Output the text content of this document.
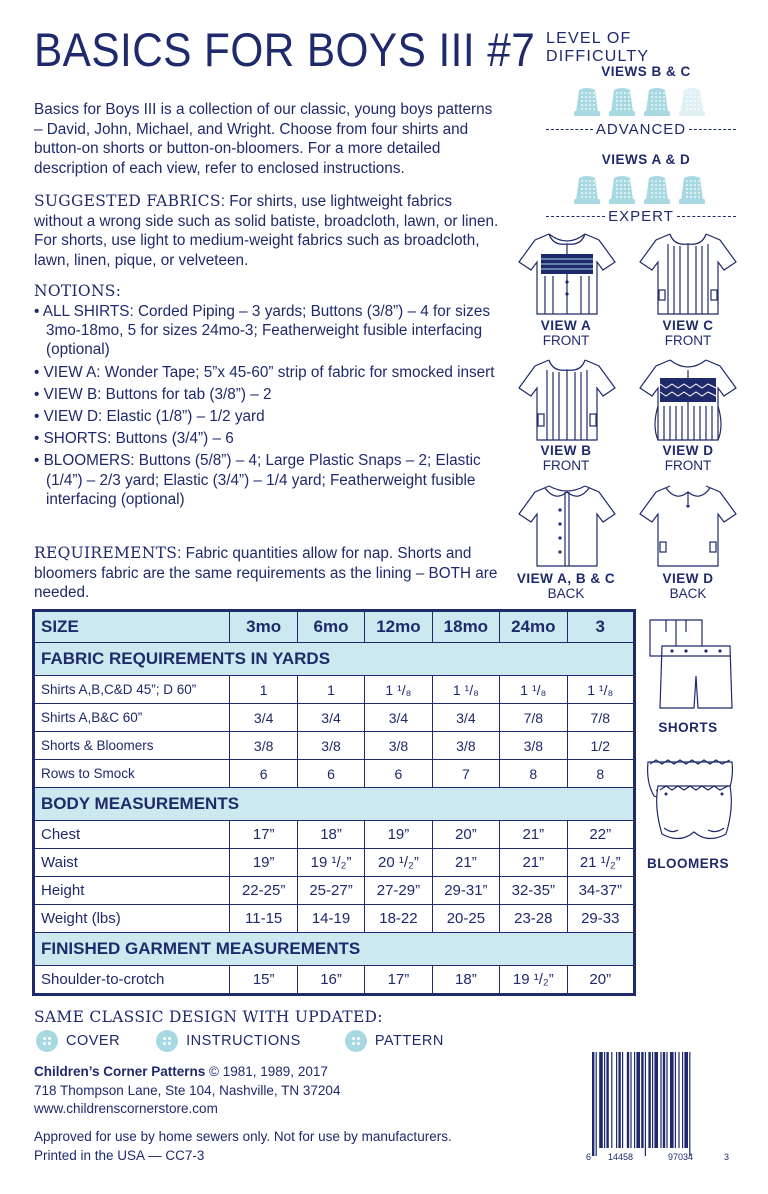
BASICS FOR BOYS III #7

Basics for Boys III is a collection of our classic, young boys patterns – David, John, Michael, and Wright. Choose from four shirts and button-on shorts or button-on-bloomers. For a more detailed description of each view, refer to enclosed instructions.

SUGGESTED FABRICS: For shirts, use lightweight fabrics without a wrong side such as solid batiste, broadcloth, lawn, or linen. For shorts, use light to medium-weight fabrics such as broadcloth, lawn, linen, pique, or velveteen.

NOTIONS:
• ALL SHIRTS: Corded Piping – 3 yards; Buttons (3/8”) – 4 for sizes 3mo-18mo, 5 for sizes 24mo-3; Featherweight fusible interfacing (optional)
• VIEW A: Wonder Tape; 5”x 45-60” strip of fabric for smocked insert
• VIEW B: Buttons for tab (3/8”) – 2
• VIEW D: Elastic (1/8”) – 1/2 yard
• SHORTS: Buttons (3/4”) – 6
• BLOOMERS: Buttons (5/8”) – 4; Large Plastic Snaps – 2; Elastic (1/4”) – 2/3 yard; Elastic (3/4”) – 1/4 yard; Featherweight fusible interfacing (optional)

REQUIREMENTS: Fabric quantities allow for nap. Shorts and bloomers fabric are the same requirements as the lining – BOTH are needed.

LEVEL OF DIFFICULTY
VIEWS B & C
ADVANCED
VIEWS A & D
EXPERT
VIEW A
FRONT
VIEW C
FRONT
VIEW B
FRONT
VIEW D
FRONT
VIEW A, B & C
BACK
VIEW D
BACK
SHORTS
BLOOMERS
SIZE	3mo	6mo	12mo	18mo	24mo	3
FABRIC REQUIREMENTS IN YARDS						
Shirts A,B,C&D 45”; D 60”	1	1	1 ¹/₈	1 ¹/₈	1 ¹/₈	1 ¹/₈
Shirts A,B&C 60”	3/4	3/4	3/4	3/4	7/8	7/8
Shorts & Bloomers	3/8	3/8	3/8	3/8	3/8	1/2
Rows to Smock	6	6	6	7	8	8
BODY MEASUREMENTS						
Chest	17”	18”	19”	20”	21”	22”
Waist	19”	19 ¹/₂”	20 ¹/₂”	21”	21”	21 ¹/₂”
Height	22-25”	25-27”	27-29”	29-31”	32-35”	34-37”
Weight (lbs)	11-15	14-19	18-22	20-25	23-28	29-33
FINISHED GARMENT MEASUREMENTS						
Shoulder-to-crotch	15”	16”	17”	18”	19 ¹/₂”	20”
SAME CLASSIC DESIGN WITH UPDATED:
COVER	INSTRUCTIONS	PATTERN
Children’s Corner Patterns © 1981, 1989, 2017
718 Thompson Lane, Ste 104, Nashville, TN 37204
www.childrenscornerstore.com
Approved for use by home sewers only. Not for use by manufacturers.
Printed in the USA — CC7-3	6 14458	97034	3
